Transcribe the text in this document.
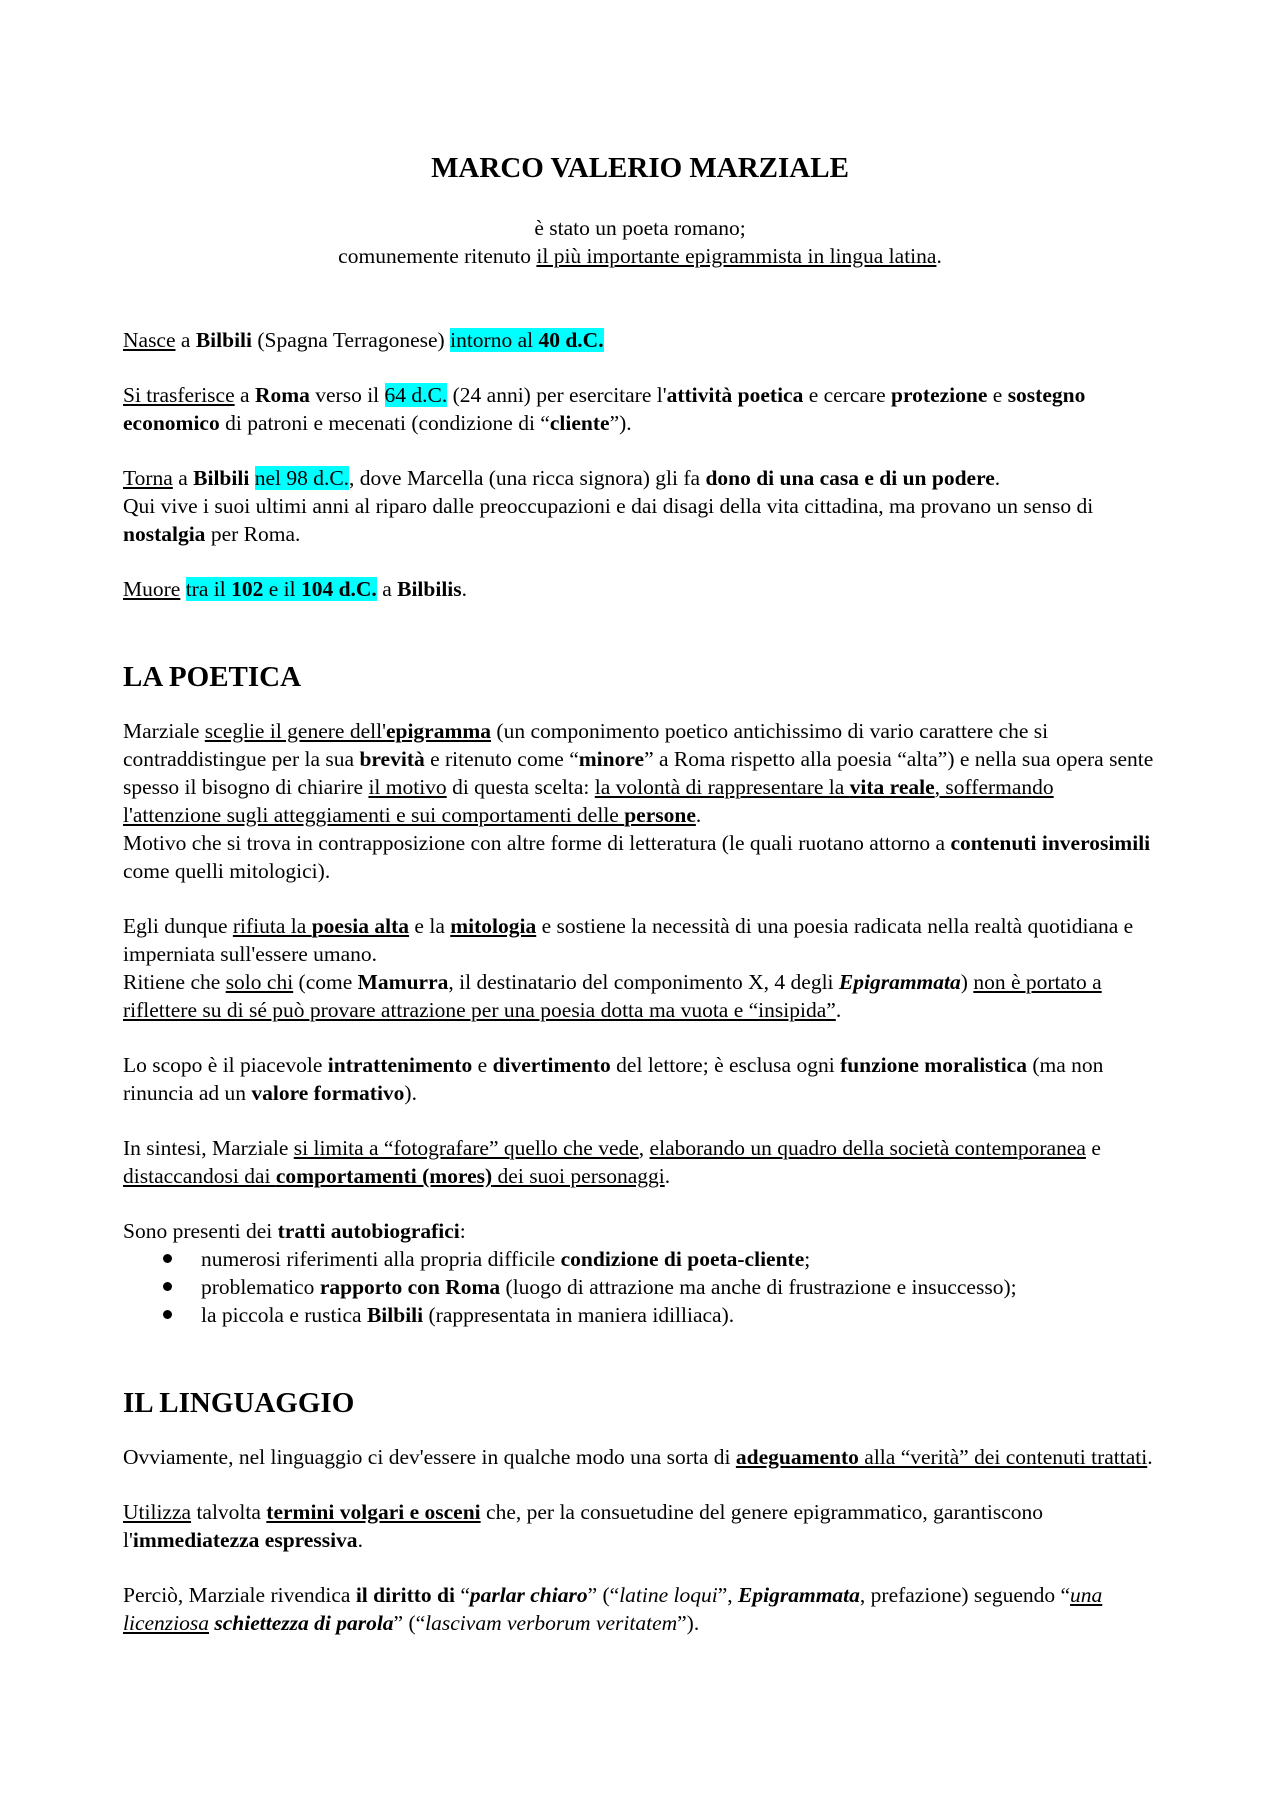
MARCO VALERIO MARZIALE

è stato un poeta romano;

comunemente ritenuto il più importante epigrammista in lingua latina.

Nasce a Bilbili (Spagna Terragonese) intorno al 40 d.C.

Si trasferisce a Roma verso il 64 d.C. (24 anni) per esercitare l'attività poetica e cercare protezione e sostegno economico di patroni e mecenati (condizione di “cliente”).

Torna a Bilbili nel 98 d.C., dove Marcella (una ricca signora) gli fa dono di una casa e di un podere.
Qui vive i suoi ultimi anni al riparo dalle preoccupazioni e dai disagi della vita cittadina, ma provano un senso di nostalgia per Roma.

Muore tra il 102 e il 104 d.C. a Bilbilis.

LA POETICA

Marziale sceglie il genere dell'epigramma (un componimento poetico antichissimo di vario carattere che si contraddistingue per la sua brevità e ritenuto come “minore” a Roma rispetto alla poesia “alta”) e nella sua opera sente spesso il bisogno di chiarire il motivo di questa scelta: la volontà di rappresentare la vita reale, soffermando l'attenzione sugli atteggiamenti e sui comportamenti delle persone.
Motivo che si trova in contrapposizione con altre forme di letteratura (le quali ruotano attorno a contenuti inverosimili come quelli mitologici).

Egli dunque rifiuta la poesia alta e la mitologia e sostiene la necessità di una poesia radicata nella realtà quotidiana e imperniata sull'essere umano.
Ritiene che solo chi (come Mamurra, il destinatario del componimento X, 4 degli Epigrammata) non è portato a riflettere su di sé può provare attrazione per una poesia dotta ma vuota e “insipida”.

Lo scopo è il piacevole intrattenimento e divertimento del lettore; è esclusa ogni funzione moralistica (ma non rinuncia ad un valore formativo).

In sintesi, Marziale si limita a “fotografare” quello che vede, elaborando un quadro della società contemporanea e distaccandosi dai comportamenti (mores) dei suoi personaggi.

Sono presenti dei tratti autobiografici:

numerosi riferimenti alla propria difficile condizione di poeta-cliente;
problematico rapporto con Roma (luogo di attrazione ma anche di frustrazione e insuccesso);
la piccola e rustica Bilbili (rappresentata in maniera idilliaca).
IL LINGUAGGIO

Ovviamente, nel linguaggio ci dev'essere in qualche modo una sorta di adeguamento alla “verità” dei contenuti trattati.

Utilizza talvolta termini volgari e osceni che, per la consuetudine del genere epigrammatico, garantiscono l'immediatezza espressiva.

Perciò, Marziale rivendica il diritto di “parlar chiaro” (“latine loqui”, Epigrammata, prefazione) seguendo “una licenziosa schiettezza di parola” (“lascivam verborum veritatem”).
